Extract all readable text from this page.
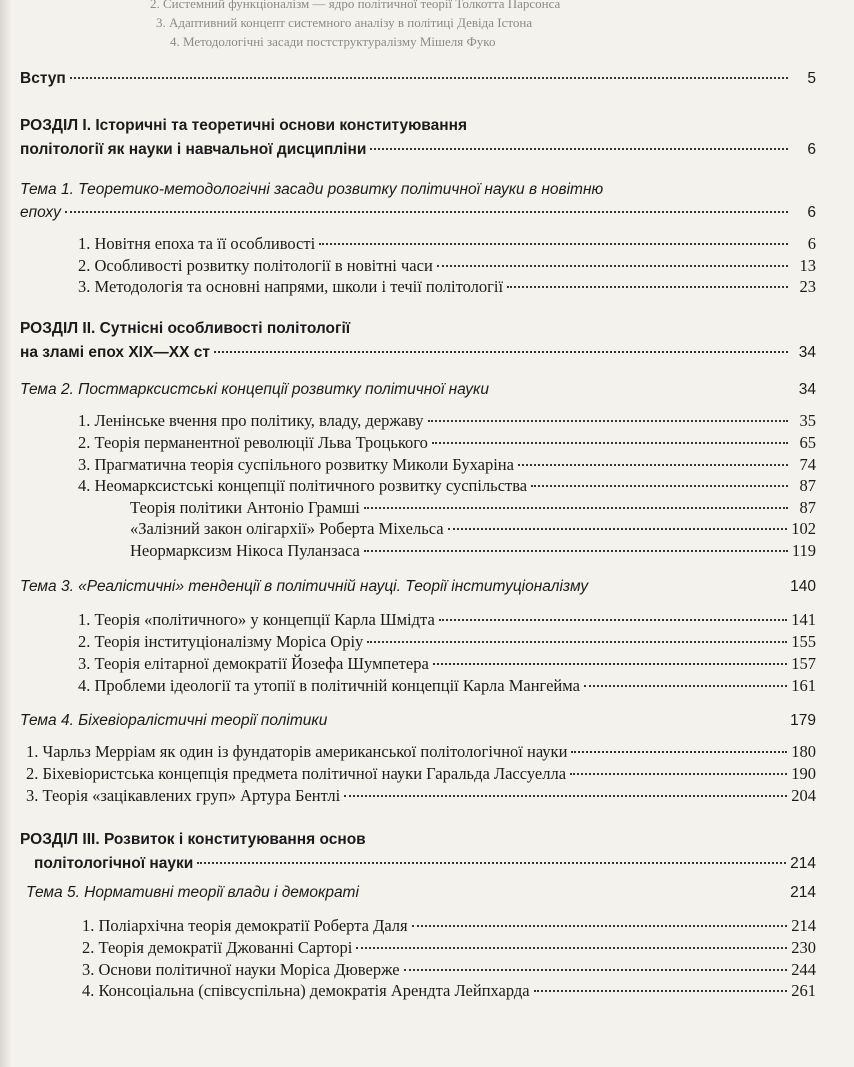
2. Системний функціоналізм — ядро політичної теорії Толкотта Парсонса
3. Адаптивний концепт системного аналізу в політиці Девіда Істона
4. Методологічні засади постструктуралізму Мішеля Фуко
Вступ	5
РОЗДІЛ І. Історичні та теоретичні основи конституювання
політології як науки і навчальної дисципліни	6
Тема 1. Теоретико-методологічні засади розвитку політичної науки в новітню
епоху	6
1. Новітня епоха та її особливості	6
2. Особливості розвитку політології в новітні часи	13
3. Методологія та основні напрями, школи і течії політології	23
РОЗДІЛ ІІ. Сутнісні особливості політології
на зламі епох XIX—XX ст	34
Тема 2. Постмарксистські концепції розвитку політичної науки	34
1. Ленінське вчення про політику, владу, державу	35
2. Теорія перманентної революції Льва Троцького	65
3. Прагматична теорія суспільного розвитку Миколи Бухаріна	74
4. Неомарксистські концепції політичного розвитку суспільства	87
Теорія політики Антоніо Грамші	87
«Залізний закон олігархії» Роберта Міхельса	102
Неормарксизм Нікоса Пуланзаса	119
Тема 3. «Реалістичні» тенденції в політичній науці. Теорії інституціоналізму	140
1. Теорія «політичного» у концепції Карла Шмідта	141
2. Теорія інституціоналізму Моріса Оріу	155
3. Теорія елітарної демократії Йозефа Шумпетера	157
4. Проблеми ідеології та утопії в політичній концепції Карла Мангейма	161
Тема 4. Біхевіоралістичні теорії політики	179
1. Чарльз Мерріам як один із фундаторів американської політологічної науки	180
2. Біхевіористська концепція предмета політичної науки Гаральда Лассуелла	190
3. Теорія «зацікавлених груп» Артура Бентлі	204
РОЗДІЛ ІІІ. Розвиток і конституювання основ
політологічної науки	214
Тема 5. Нормативні теорії влади і демократі	214
1. Поліархічна теорія демократії Роберта Даля	214
2. Теорія демократії Джованні Сарторі	230
3. Основи політичної науки Моріса Дюверже	244
4. Консоціальна (співсуспільна) демократія Арендта Лейпхарда	261
